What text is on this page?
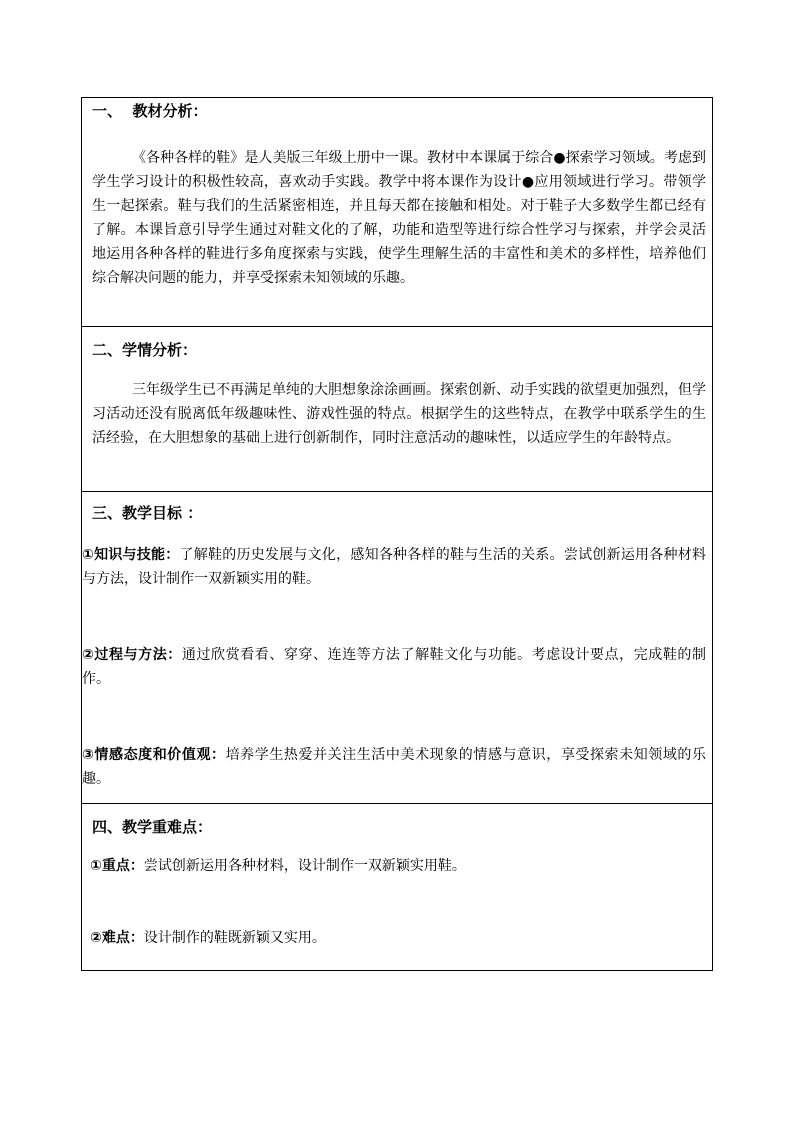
一、  教材分析：

《各种各样的鞋》是人美版三年级上册中一课。教材中本课属于综合●探索学习领域。考虑到学生学习设计的积极性较高，喜欢动手实践。教学中将本课作为设计●应用领域进行学习。带领学生一起探索。鞋与我们的生活紧密相连，并且每天都在接触和相处。对于鞋子大多数学生都已经有了解。本课旨意引导学生通过对鞋文化的了解，功能和造型等进行综合性学习与探索，并学会灵活地运用各种各样的鞋进行多角度探索与实践，使学生理解生活的丰富性和美术的多样性，培养他们综合解决问题的能力，并享受探索未知领域的乐趣。

二、学情分析：

三年级学生已不再满足单纯的大胆想象涂涂画画。探索创新、动手实践的欲望更加强烈，但学习活动还没有脱离低年级趣味性、游戏性强的特点。根据学生的这些特点，在教学中联系学生的生活经验，在大胆想象的基础上进行创新制作，同时注意活动的趣味性，以适应学生的年龄特点。

三、教学目标 ：

①知识与技能：了解鞋的历史发展与文化，感知各种各样的鞋与生活的关系。尝试创新运用各种材料与方法，设计制作一双新颖实用的鞋。

②过程与方法：通过欣赏看看、穿穿、连连等方法了解鞋文化与功能。考虑设计要点，完成鞋的制作。

③情感态度和价值观：培养学生热爱并关注生活中美术现象的情感与意识，享受探索未知领域的乐趣。

四、教学重难点：

①重点：尝试创新运用各种材料，设计制作一双新颖实用鞋。

②难点：设计制作的鞋既新颖又实用。
